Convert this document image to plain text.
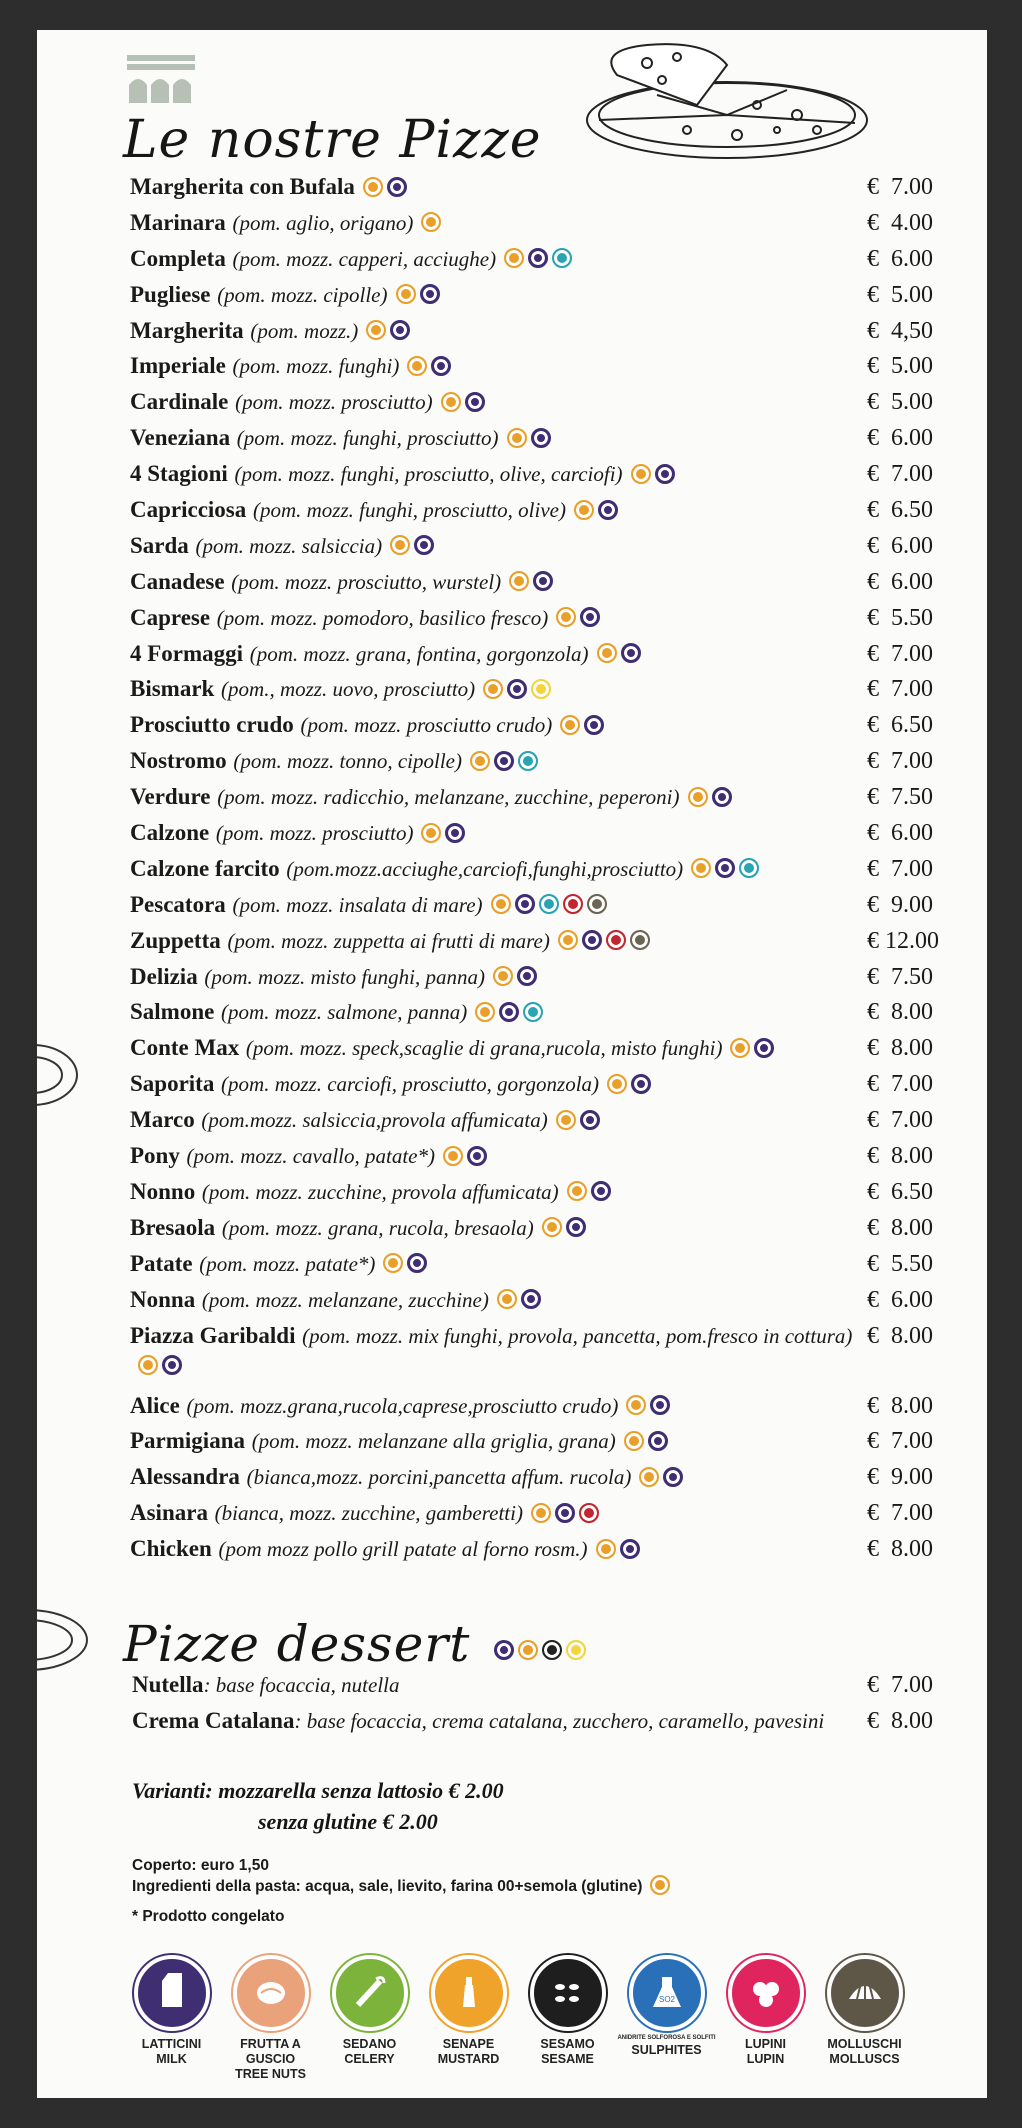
Le nostre Pizze
Margherita con Bufala	€  7.00
Marinara (pom. aglio, origano)	€  4.00
Completa (pom. mozz. capperi, acciughe)	€  6.00
Pugliese (pom. mozz. cipolle)	€  5.00
Margherita (pom. mozz.)	€  4,50
Imperiale (pom. mozz. funghi)	€  5.00
Cardinale (pom. mozz. prosciutto)	€  5.00
Veneziana (pom. mozz. funghi, prosciutto)	€  6.00
4 Stagioni (pom. mozz. funghi, prosciutto, olive, carciofi)	€  7.00
Capricciosa (pom. mozz. funghi, prosciutto, olive)	€  6.50
Sarda (pom. mozz. salsiccia)	€  6.00
Canadese (pom. mozz. prosciutto, wurstel)	€  6.00
Caprese (pom. mozz. pomodoro, basilico fresco)	€  5.50
4 Formaggi (pom. mozz. grana, fontina, gorgonzola)	€  7.00
Bismark (pom., mozz. uovo, prosciutto)	€  7.00
Prosciutto crudo (pom. mozz. prosciutto crudo)	€  6.50
Nostromo (pom. mozz. tonno, cipolle)	€  7.00
Verdure (pom. mozz. radicchio, melanzane, zucchine, peperoni)	€  7.50
Calzone (pom. mozz. prosciutto)	€  6.00
Calzone farcito (pom.mozz.acciughe,carciofi,funghi,prosciutto)	€  7.00
Pescatora (pom. mozz. insalata di mare)	€  9.00
Zuppetta (pom. mozz. zuppetta ai frutti di mare)	€ 12.00
Delizia (pom. mozz. misto funghi, panna)	€  7.50
Salmone (pom. mozz. salmone, panna)	€  8.00
Conte Max (pom. mozz. speck,scaglie di grana,rucola, misto funghi)	€  8.00
Saporita (pom. mozz. carciofi, prosciutto, gorgonzola)	€  7.00
Marco (pom.mozz. salsiccia,provola affumicata)	€  7.00
Pony (pom. mozz. cavallo, patate*)	€  8.00
Nonno (pom. mozz. zucchine, provola affumicata)	€  6.50
Bresaola (pom. mozz. grana, rucola, bresaola)	€  8.00
Patate (pom. mozz. patate*)	€  5.50
Nonna (pom. mozz. melanzane, zucchine)	€  6.00
Piazza Garibaldi (pom. mozz. mix funghi, provola, pancetta, pom.fresco in cottura) €  8.00
Alice (pom. mozz.grana,rucola,caprese,prosciutto crudo)	€  8.00
Parmigiana (pom. mozz. melanzane alla griglia, grana)	€  7.00
Alessandra (bianca,mozz. porcini,pancetta affum. rucola)	€  9.00
Asinara (bianca, mozz. zucchine, gamberetti)	€  7.00
Chicken (pom mozz pollo grill patate al forno rosm.)	€  8.00
Pizze dessert
Nutella: base focaccia, nutella	€  7.00
Crema Catalana: base focaccia, crema catalana, zucchero, caramello, pavesini	€  8.00
Varianti: mozzarella senza lattosio € 2.00
senza glutine € 2.00
Coperto: euro 1,50
Ingredienti della pasta: acqua, sale, lievito, farina 00+semola (glutine)
* Prodotto congelato
LATTICINI
MILK
FRUTTA A
GUSCIO
TREE NUTS
SEDANO
CELERY
SENAPE
MUSTARD
SESAMO
SESAME
SO2
ANIDRITE SOLFOROSA E SOLFITI
SULPHITES	LUPINI
LUPIN
MOLLUSCHI
MOLLUSCS
